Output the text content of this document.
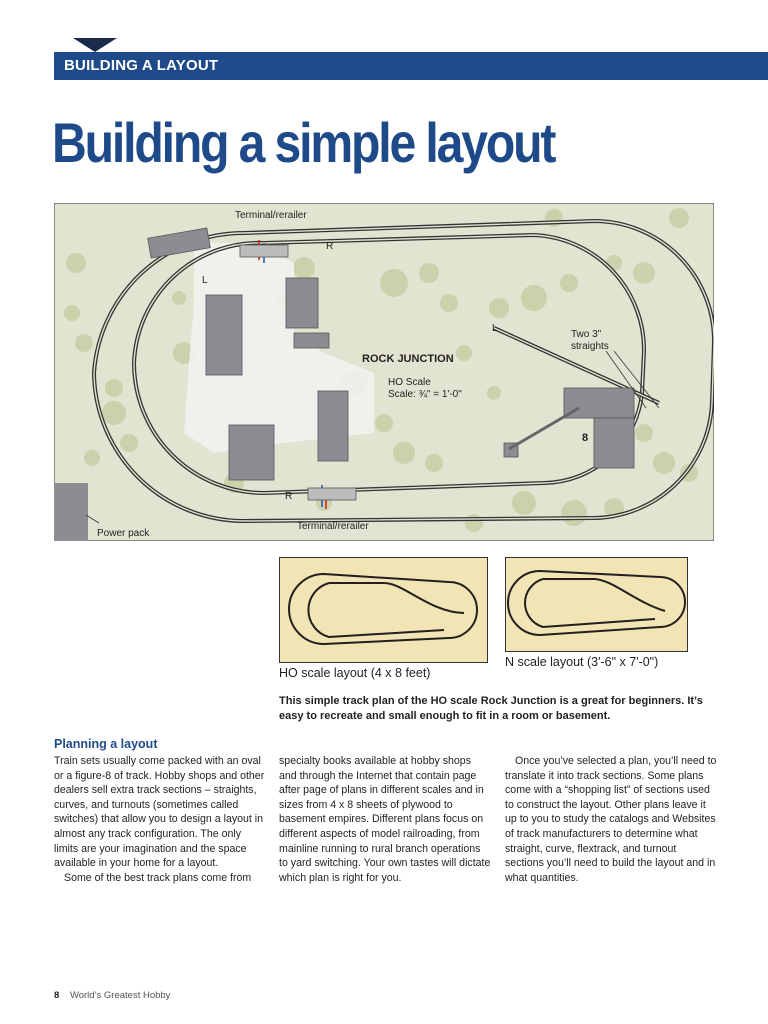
BUILDING A LAYOUT
Building a simple layout
Terminal/rerailer
R
L
L
Two 3"
straights
ROCK JUNCTION
HO Scale
Scale: ¾" = 1'-0"
8
R
Terminal/rerailer
Power pack
HO scale layout (4 x 8 feet)
N scale layout (3'-6" x 7'-0")
This simple track plan of the HO scale Rock Junction is a great for beginners. It’s easy to recreate and small enough to fit in a room or basement.
Planning a layout

Train sets usually come packed with an oval or a figure-8 of track. Hobby shops and other dealers sell extra track sections – straights, curves, and turnouts (sometimes called switches) that allow you to design a layout in almost any track configuration. The only limits are your imagination and the space available in your home for a layout.

Some of the best track plans come from

specialty books available at hobby shops and through the Internet that contain page after page of plans in different scales and in sizes from 4 x 8 sheets of plywood to basement empires. Different plans focus on different aspects of model railroading, from mainline running to rural branch operations to yard switching. Your own tastes will dictate which plan is right for you.

Once you’ve selected a plan, you’ll need to translate it into track sections. Some plans come with a “shopping list” of sections used to construct the layout. Other plans leave it up to you to study the catalogs and Websites of track manufacturers to determine what straight, curve, flextrack, and turnout sections you’ll need to build the layout and in what quantities.

8 World’s Greatest Hobby
